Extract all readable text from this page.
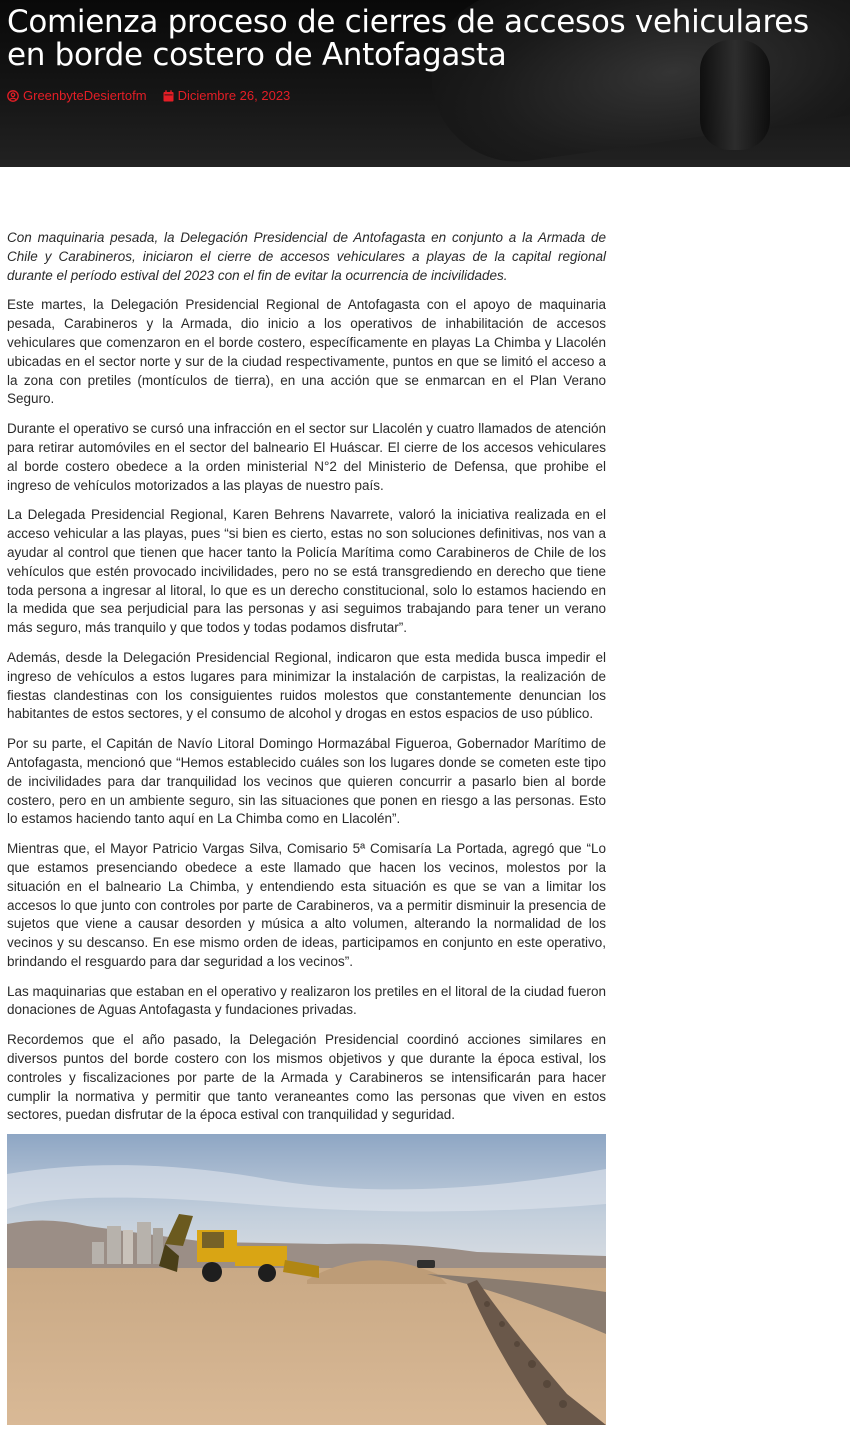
Comienza proceso de cierres de accesos vehiculares en borde costero de Antofagasta
GreenbyteDesiertofm Diciembre 26, 2023

Con maquinaria pesada, la Delegación Presidencial de Antofagasta en conjunto a la Armada de Chile y Carabineros, iniciaron el cierre de accesos vehiculares a playas de la capital regional durante el período estival del 2023 con el fin de evitar la ocurrencia de incivilidades.

Este martes, la Delegación Presidencial Regional de Antofagasta con el apoyo de maquinaria pesada, Carabineros y la Armada, dio inicio a los operativos de inhabilitación de accesos vehiculares que comenzaron en el borde costero, específicamente en playas La Chimba y Llacolén ubicadas en el sector norte y sur de la ciudad respectivamente, puntos en que se limitó el acceso a la zona con pretiles (montículos de tierra), en una acción que se enmarcan en el Plan Verano Seguro.

Durante el operativo se cursó una infracción en el sector sur Llacolén y cuatro llamados de atención para retirar automóviles en el sector del balneario El Huáscar. El cierre de los accesos vehiculares al borde costero obedece a la orden ministerial N°2 del Ministerio de Defensa, que prohibe el ingreso de vehículos motorizados a las playas de nuestro país.

La Delegada Presidencial Regional, Karen Behrens Navarrete, valoró la iniciativa realizada en el acceso vehicular a las playas, pues “si bien es cierto, estas no son soluciones definitivas, nos van a ayudar al control que tienen que hacer tanto la Policía Marítima como Carabineros de Chile de los vehículos que estén provocado incivilidades, pero no se está transgrediendo en derecho que tiene toda persona a ingresar al litoral, lo que es un derecho constitucional, solo lo estamos haciendo en la medida que sea perjudicial para las personas y asi seguimos trabajando para tener un verano más seguro, más tranquilo y que todos y todas podamos disfrutar”.

Además, desde la Delegación Presidencial Regional, indicaron que esta medida busca impedir el ingreso de vehículos a estos lugares para minimizar la instalación de carpistas, la realización de fiestas clandestinas con los consiguientes ruidos molestos que constantemente denuncian los habitantes de estos sectores, y el consumo de alcohol y drogas en estos espacios de uso público.

Por su parte, el Capitán de Navío Litoral Domingo Hormazábal Figueroa, Gobernador Marítimo de Antofagasta, mencionó que “Hemos establecido cuáles son los lugares donde se cometen este tipo de incivilidades para dar tranquilidad los vecinos que quieren concurrir a pasarlo bien al borde costero, pero en un ambiente seguro, sin las situaciones que ponen en riesgo a las personas. Esto lo estamos haciendo tanto aquí en La Chimba como en Llacolén”.

Mientras que, el Mayor Patricio Vargas Silva, Comisario 5ª Comisaría La Portada, agregó que “Lo que estamos presenciando obedece a este llamado que hacen los vecinos, molestos por la situación en el balneario La Chimba, y entendiendo esta situación es que se van a limitar los accesos lo que junto con controles por parte de Carabineros, va a permitir disminuir la presencia de sujetos que viene a causar desorden y música a alto volumen, alterando la normalidad de los vecinos y su descanso. En ese mismo orden de ideas, participamos en conjunto en este operativo, brindando el resguardo para dar seguridad a los vecinos”.

Las maquinarias que estaban en el operativo y realizaron los pretiles en el litoral de la ciudad fueron donaciones de Aguas Antofagasta y fundaciones privadas.

Recordemos que el año pasado, la Delegación Presidencial coordinó acciones similares en diversos puntos del borde costero con los mismos objetivos y que durante la época estival, los controles y fiscalizaciones por parte de la Armada y Carabineros se intensificarán para hacer cumplir la normativa y permitir que tanto veraneantes como las personas que viven en estos sectores, puedan disfrutar de la época estival con tranquilidad y seguridad.
